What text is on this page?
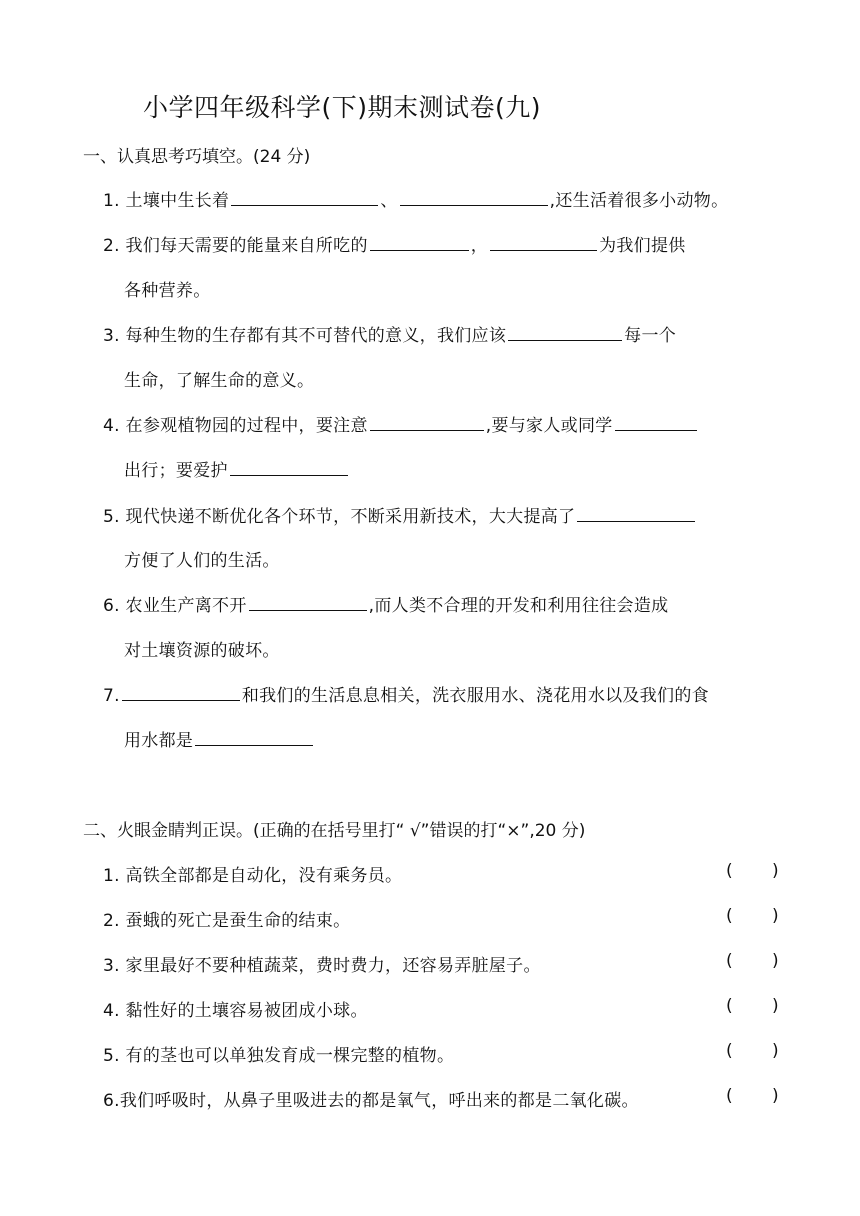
小学四年级科学(下)期末测试卷(九)
一、认真思考巧填空。(24 分)
1. 土壤中生长着	、	,还生活着很多小动物。
2. 我们每天需要的能量来自所吃的	，	为我们提供
各种营养。
3. 每种生物的生存都有其不可替代的意义，我们应该	每一个
生命，了解生命的意义。
4. 在参观植物园的过程中，要注意	,要与家人或同学
出行；要爱护
5. 现代快递不断优化各个环节，不断采用新技术，大大提高了
方便了人们的生活。
6. 农业生产离不开	,而人类不合理的开发和利用往往会造成
对土壤资源的破坏。
7.	和我们的生活息息相关，洗衣服用水、浇花用水以及我们的食
用水都是
二、火眼金睛判正误。(正确的在括号里打“ √”错误的打“×”,20 分)
1. 高铁全部都是自动化，没有乘务员。	( )
2. 蚕蛾的死亡是蚕生命的结束。	( )
3. 家里最好不要种植蔬菜，费时费力，还容易弄脏屋子。	( )
4. 黏性好的土壤容易被团成小球。	( )
5. 有的茎也可以单独发育成一棵完整的植物。	( )
6.我们呼吸时，从鼻子里吸进去的都是氧气，呼出来的都是二氧化碳。	( )
